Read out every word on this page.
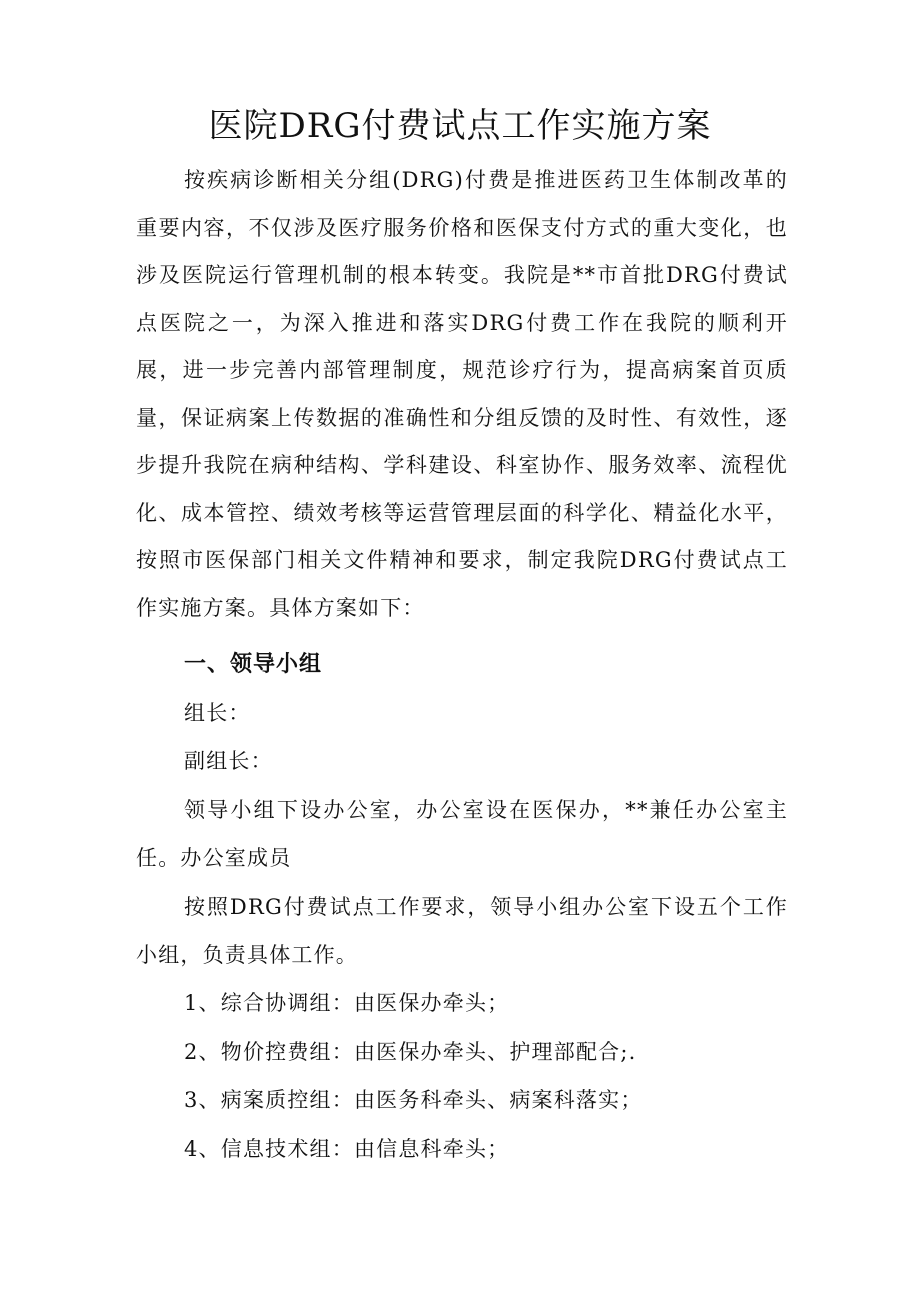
医院DRG付费试点工作实施方案

按疾病诊断相关分组(DRG)付费是推进医药卫生体制改革的重要内容，不仅涉及医疗服务价格和医保支付方式的重大变化，也涉及医院运行管理机制的根本转变。我院是**市首批DRG付费试点医院之一，为深入推进和落实DRG付费工作在我院的顺利开展，进一步完善内部管理制度，规范诊疗行为，提高病案首页质量，保证病案上传数据的准确性和分组反馈的及时性、有效性，逐步提升我院在病种结构、学科建设、科室协作、服务效率、流程优化、成本管控、绩效考核等运营管理层面的科学化、精益化水平，按照市医保部门相关文件精神和要求，制定我院DRG付费试点工作实施方案。具体方案如下：

一、领导小组

组长：

副组长：

领导小组下设办公室，办公室设在医保办，**兼任办公室主任。办公室成员

按照DRG付费试点工作要求，领导小组办公室下设五个工作小组，负责具体工作。

1、综合协调组：由医保办牵头；

2、物价控费组：由医保办牵头、护理部配合;.

3、病案质控组：由医务科牵头、病案科落实；

4、信息技术组：由信息科牵头；
